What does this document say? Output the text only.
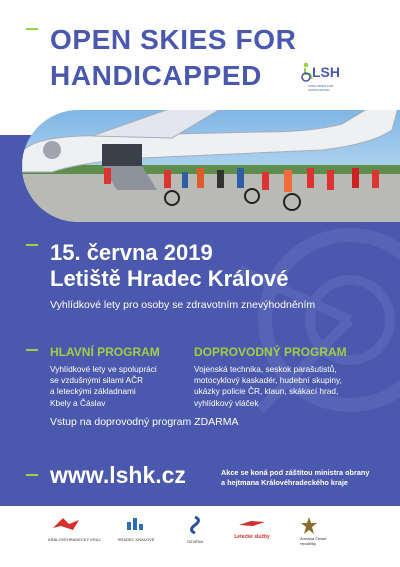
OPEN SKIES FOR
HANDICAPPED	LSH
OPEN SKIES FOR HANDICAPPED
15. června 2019
Letiště Hradec Králové
Vyhlídkové lety pro osoby se zdravotním znevýhodněním
HLAVNÍ PROGRAM
Vyhlídkové lety ve spolupráci
se vzdušnými silami AČR
a leteckými základnami
Kbely a Čáslav
DOPROVODNÝ PROGRAM
Vojenská technika, seskok parašutistů,
motocyklový kaskadér, hudební skupiny,
ukázky policie ČR, klaun, skákací hrad,
vyhlídkový vláček
Vstup na doprovodný program ZDARMA
www.lshk.cz	Akce se koná pod záštitou ministra obrany
a hejtmana Královéhradeckého kraje
KRÁLOVÉHRADECKÝ KRAJ	HRADEC KRÁLOVÉ	OZVĚNA
Letecké služby	Armáda České republiky
